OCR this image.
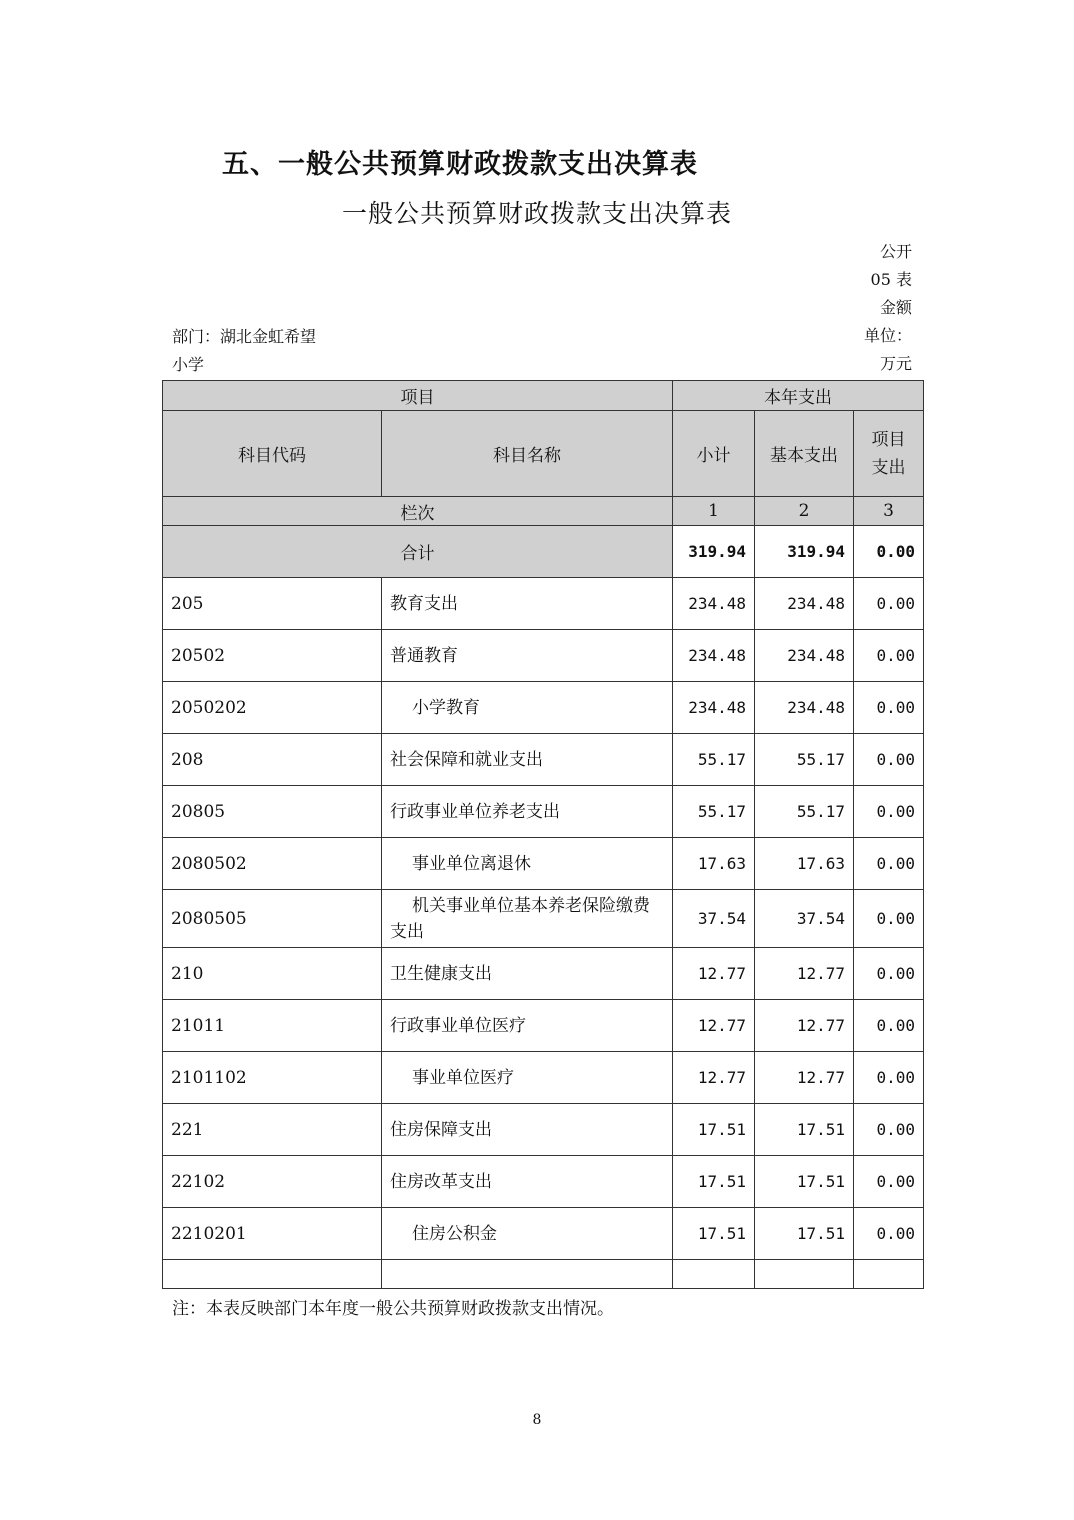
五、一般公共预算财政拨款支出决算表
一般公共预算财政拨款支出决算表
公开
05 表
金额
单位：
万元
部门：湖北金虹希望
小学
项目		本年支出		
科目代码	科目名称	小计	基本支出	项目
支出

栏次		1	2	3
合计		319.94	319.94	0.00
205	教育支出	234.48	234.48	0.00
20502	普通教育	234.48	234.48	0.00
2050202	小学教育	234.48	234.48	0.00
208	社会保障和就业支出	55.17	55.17	0.00
20805	行政事业单位养老支出	55.17	55.17	0.00
2080502	事业单位离退休	17.63	17.63	0.00
2080505	机关事业单位基本养老保险缴费支出	37.54	37.54	0.00
210	卫生健康支出	12.77	12.77	0.00
21011	行政事业单位医疗	12.77	12.77	0.00
2101102	事业单位医疗	12.77	12.77	0.00
221	住房保障支出	17.51	17.51	0.00
22102	住房改革支出	17.51	17.51	0.00
2210201	住房公积金	17.51	17.51	0.00

注：本表反映部门本年度一般公共预算财政拨款支出情况。
8
